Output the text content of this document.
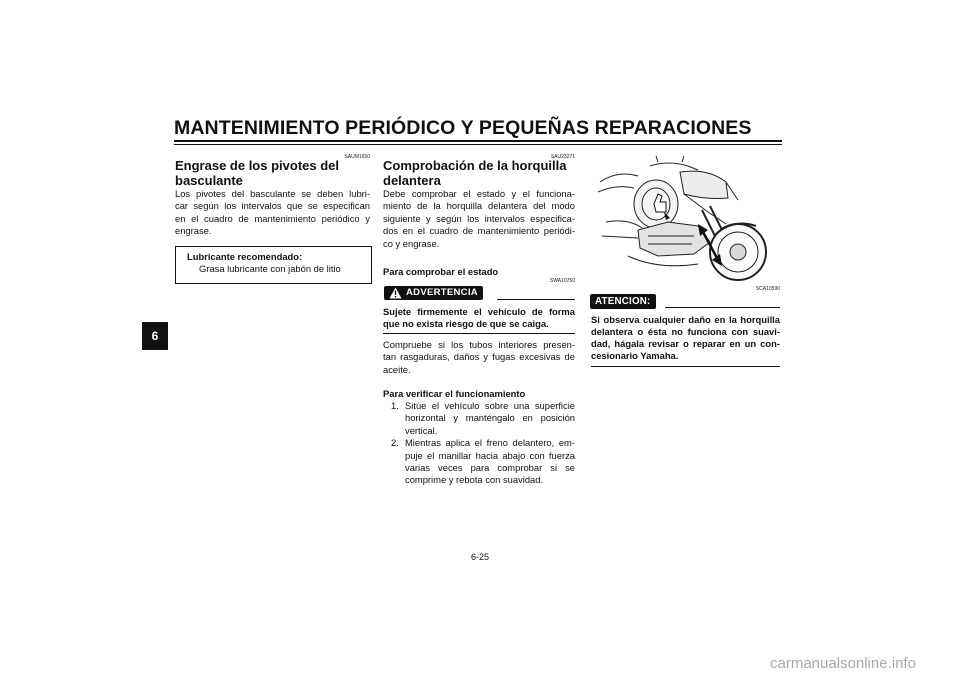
MANTENIMIENTO PERIÓDICO Y PEQUEÑAS REPARACIONES
6
SAUM1650
Engrase de los pivotes del
basculante
Los pivotes del basculante se deben lubri-
car según los intervalos que se especifican
en el cuadro de mantenimiento periódico y
engrase.
Lubricante recomendado:
Grasa lubricante con jabón de litio
SAU23271
Comprobación de la horquilla
delantera
Debe comprobar el estado y el funciona-
miento de la horquilla delantera del modo
siguiente y según los intervalos especifica-
dos en el cuadro de mantenimiento periódi-
co y engrase.
Para comprobar el estado
SWA10750
ADVERTENCIA
Sujete firmemente el vehículo de forma
que no exista riesgo de que se caiga.
Compruebe si los tubos interiores presen-
tan rasgaduras, daños y fugas excesivas de
aceite.
Para verificar el funcionamiento
1. Sitúe el vehículo sobre una superficie
horizontal y manténgalo en posición
vertical.
2. Mientras aplica el freno delantero, em-
puje el manillar hacia abajo con fuerza
varias veces para comprobar si se
comprime y rebota con suavidad.
SCA10590
ATENCION:
Si observa cualquier daño en la horquilla
delantera o ésta no funciona con suavi-
dad, hágala revisar o reparar en un con-
cesionario Yamaha.
6-25
carmanualsonline.info
